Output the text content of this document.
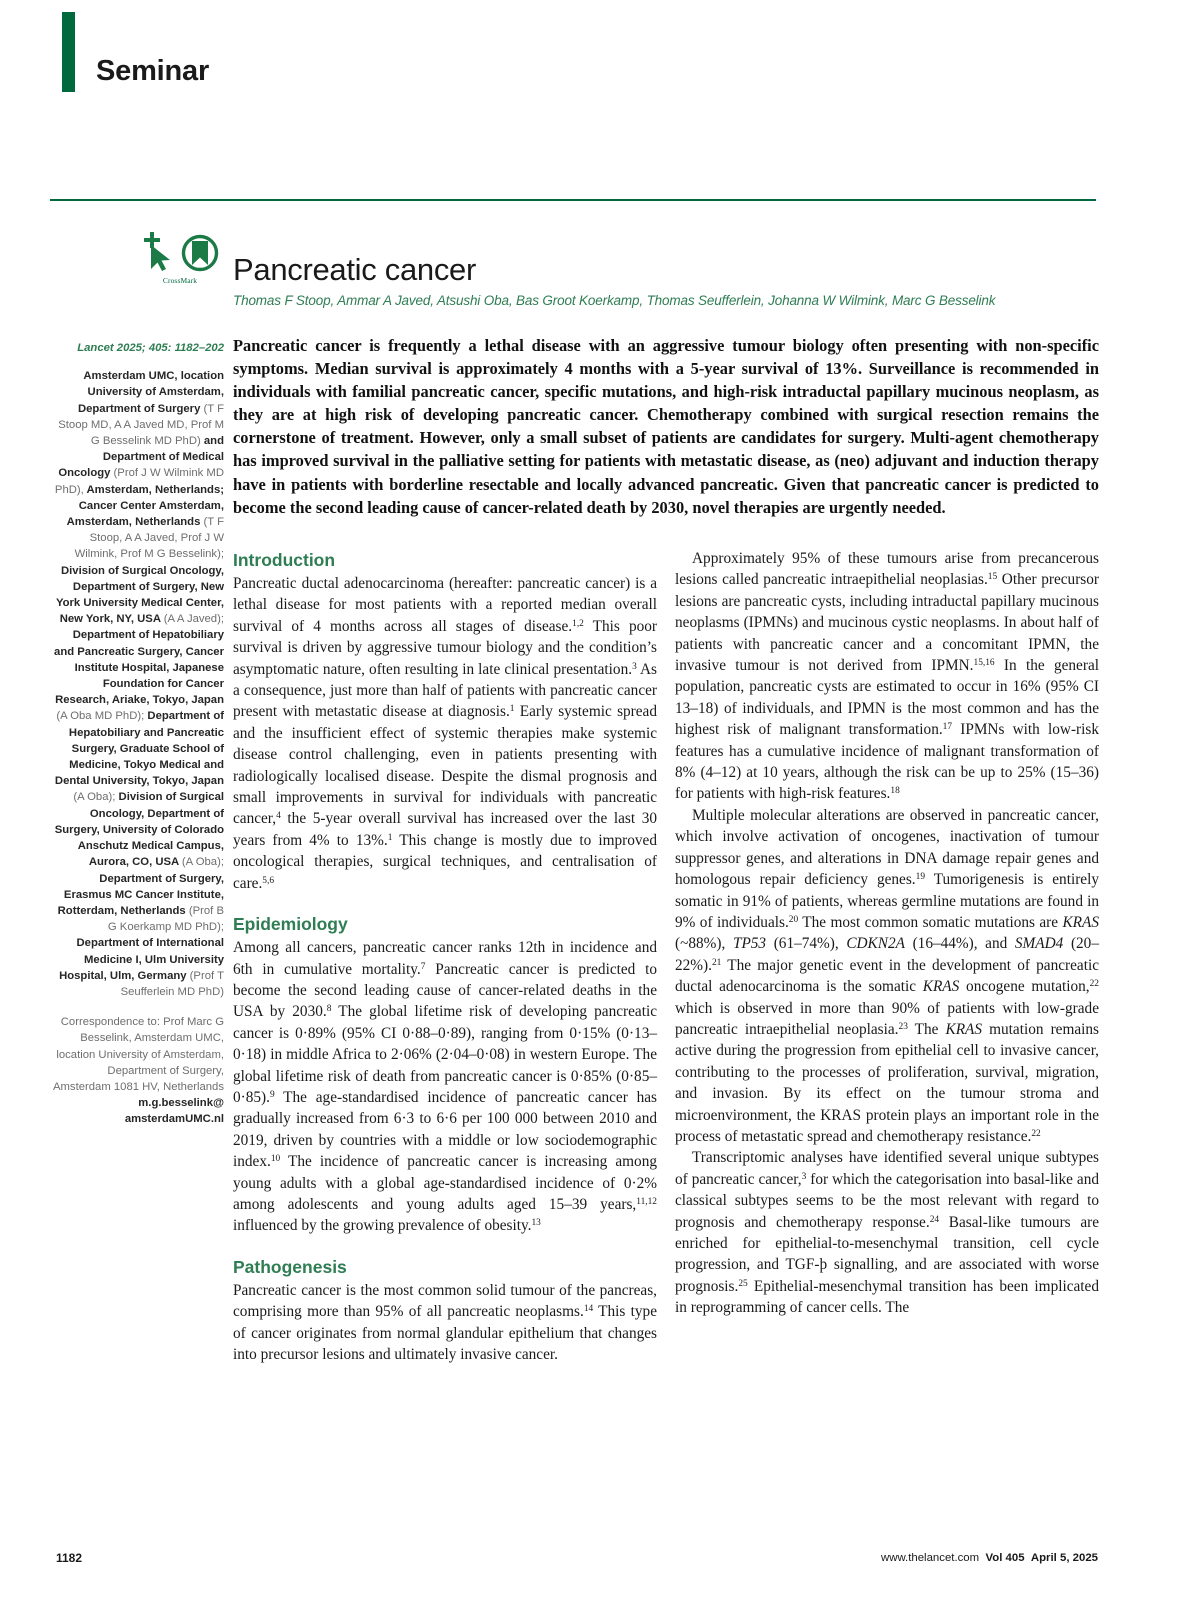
Seminar
CrossMark	Pancreatic cancer
Thomas F Stoop, Ammar A Javed, Atsushi Oba, Bas Groot Koerkamp, Thomas Seufferlein, Johanna W Wilmink, Marc G Besselink
Lancet 2025; 405: 1182–202
Amsterdam UMC, location University of Amsterdam, Department of Surgery (T F Stoop MD, A A Javed MD, Prof M G Besselink MD PhD) and Department of Medical Oncology (Prof J W Wilmink MD PhD), Amsterdam, Netherlands; Cancer Center Amsterdam, Amsterdam, Netherlands (T F Stoop, A A Javed, Prof J W Wilmink, Prof M G Besselink); Division of Surgical Oncology, Department of Surgery, New York University Medical Center, New York, NY, USA (A A Javed); Department of Hepatobiliary and Pancreatic Surgery, Cancer Institute Hospital, Japanese Foundation for Cancer Research, Ariake, Tokyo, Japan (A Oba MD PhD); Department of Hepatobiliary and Pancreatic Surgery, Graduate School of Medicine, Tokyo Medical and Dental University, Tokyo, Japan (A Oba); Division of Surgical Oncology, Department of Surgery, University of Colorado Anschutz Medical Campus, Aurora, CO, USA (A Oba); Department of Surgery, Erasmus MC Cancer Institute, Rotterdam, Netherlands (Prof B G Koerkamp MD PhD); Department of International Medicine I, Ulm University Hospital, Ulm, Germany (Prof T Seufferlein MD PhD)
Correspondence to: Prof Marc G Besselink, Amsterdam UMC, location University of Amsterdam, Department of Surgery, Amsterdam 1081 HV, Netherlands m.g.besselink@ amsterdamUMC.nl
Pancreatic cancer is frequently a lethal disease with an aggressive tumour biology often presenting with non-specific symptoms. Median survival is approximately 4 months with a 5-year survival of 13%. Surveillance is recommended in individuals with familial pancreatic cancer, specific mutations, and high-risk intraductal papillary mucinous neoplasm, as they are at high risk of developing pancreatic cancer. Chemotherapy combined with surgical resection remains the cornerstone of treatment. However, only a small subset of patients are candidates for surgery. Multi-agent chemotherapy has improved survival in the palliative setting for patients with metastatic disease, as (neo) adjuvant and induction therapy have in patients with borderline resectable and locally advanced pancreatic. Given that pancreatic cancer is predicted to become the second leading cause of cancer-related death by 2030, novel therapies are urgently needed.
Introduction

Pancreatic ductal adenocarcinoma (hereafter: pancreatic cancer) is a lethal disease for most patients with a reported median overall survival of 4 months across all stages of disease.$^{1,2}$ This poor survival is driven by aggressive tumour biology and the condition’s asymptomatic nature, often resulting in late clinical presentation.$^3$ As a consequence, just more than half of patients with pancreatic cancer present with metastatic disease at diagnosis.$^1$ Early systemic spread and the insufficient effect of systemic therapies make systemic disease control challenging, even in patients presenting with radiologically localised disease. Despite the dismal prognosis and small improvements in survival for individuals with pancreatic cancer,$^4$ the 5-year overall survival has increased over the last 30 years from 4% to 13%.$^1$ This change is mostly due to improved oncological therapies, surgical techniques, and centralisation of care.$^{5,6}$

Epidemiology

Among all cancers, pancreatic cancer ranks 12th in incidence and 6th in cumulative mortality.$^7$ Pancreatic cancer is predicted to become the second leading cause of cancer-related deaths in the USA by 2030.$^8$ The global lifetime risk of developing pancreatic cancer is 0·89% (95% CI 0·88–0·89), ranging from 0·15% (0·13–0·18) in middle Africa to 2·06% (2·04–0·08) in western Europe. The global lifetime risk of death from pancreatic cancer is 0·85% (0·85–0·85).$^9$ The age-standardised incidence of pancreatic cancer has gradually increased from 6·3 to 6·6 per 100 000 between 2010 and 2019, driven by countries with a middle or low sociodemographic index.$^{10}$ The incidence of pancreatic cancer is increasing among young adults with a global age-standardised incidence of 0·2% among adolescents and young adults aged 15–39 years,$^{11,12}$ influenced by the growing prevalence of obesity.$^{13}$

Pathogenesis

Pancreatic cancer is the most common solid tumour of the pancreas, comprising more than 95% of all pancreatic neoplasms.$^{14}$ This type of cancer originates from normal glandular epithelium that changes into precursor lesions and ultimately invasive cancer.

Approximately 95% of these tumours arise from precancerous lesions called pancreatic intraepithelial neoplasias.$^{15}$ Other precursor lesions are pancreatic cysts, including intraductal papillary mucinous neoplasms (IPMNs) and mucinous cystic neoplasms. In about half of patients with pancreatic cancer and a concomitant IPMN, the invasive tumour is not derived from IPMN.$^{15,16}$ In the general population, pancreatic cysts are estimated to occur in 16% (95% CI 13–18) of individuals, and IPMN is the most common and has the highest risk of malignant transformation.$^{17}$ IPMNs with low-risk features has a cumulative incidence of malignant transformation of 8% (4–12) at 10 years, although the risk can be up to 25% (15–36) for patients with high-risk features.$^{18}$

Multiple molecular alterations are observed in pancreatic cancer, which involve activation of oncogenes, inactivation of tumour suppressor genes, and alterations in DNA damage repair genes and homologous repair deficiency genes.$^{19}$ Tumorigenesis is entirely somatic in 91% of patients, whereas germline mutations are found in 9% of individuals.$^{20}$ The most common somatic mutations are KRAS (~88%), TP53 (61–74%), CDKN2A (16–44%), and SMAD4 (20–22%).$^{21}$ The major genetic event in the development of pancreatic ductal adenocarcinoma is the somatic KRAS oncogene mutation,$^{22}$ which is observed in more than 90% of patients with low-grade pancreatic intraepithelial neoplasia.$^{23}$ The KRAS mutation remains active during the progression from epithelial cell to invasive cancer, contributing to the processes of proliferation, survival, migration, and invasion. By its effect on the tumour stroma and microenvironment, the KRAS protein plays an important role in the process of metastatic spread and chemotherapy resistance.$^{22}$

Transcriptomic analyses have identified several unique subtypes of pancreatic cancer,$^3$ for which the categorisation into basal-like and classical subtypes seems to be the most relevant with regard to prognosis and chemotherapy response.$^{24}$ Basal-like tumours are enriched for epithelial-to-mesenchymal transition, cell cycle progression, and TGF-þ signalling, and are associated with worse prognosis.$^{25}$ Epithelial-mesenchymal transition has been implicated in reprogramming of cancer cells. The

1182	www.thelancet.com Vol 405 April 5, 2025
